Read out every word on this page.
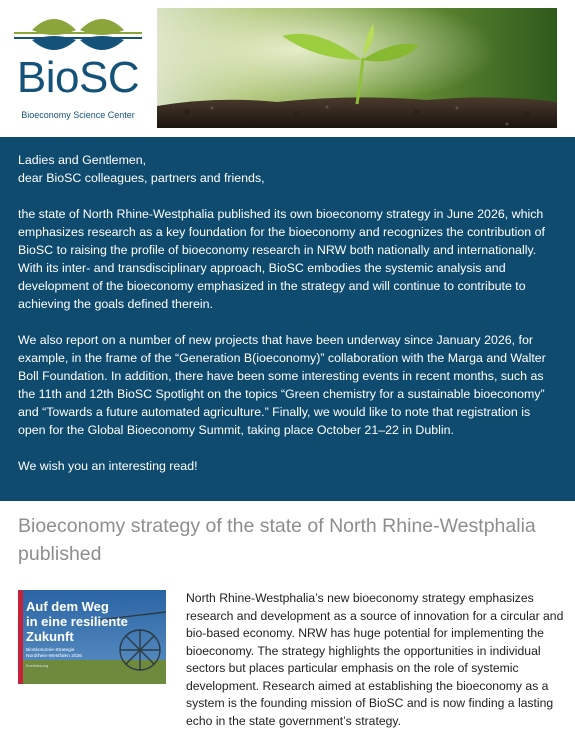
BioSC
Bioeconomy Science Center

Ladies and Gentlemen,

dear BioSC colleagues, partners and friends,

the state of North Rhine-Westphalia published its own bioeconomy strategy in June 2026, which emphasizes research as a key foundation for the bioeconomy and recognizes the contribution of BioSC to raising the profile of bioeconomy research in NRW both nationally and internationally. With its inter- and transdisciplinary approach, BioSC embodies the systemic analysis and development of the bioeconomy emphasized in the strategy and will continue to contribute to achieving the goals defined therein.

We also report on a number of new projects that have been underway since January 2026, for example, in the frame of the “Generation B(ioeconomy)” collaboration with the Marga and Walter Boll Foundation. In addition, there have been some interesting events in recent months, such as the 11th and 12th BioSC Spotlight on the topics “Green chemistry for a sustainable bioeconomy” and “Towards a future automated agriculture.” Finally, we would like to note that registration is open for the Global Bioeconomy Summit, taking place October 21–22 in Dublin.

We wish you an interesting read!

Bioeconomy strategy of the state of North Rhine-Westphalia published
Auf dem Weg
in eine resiliente
Zukunft
Bioökonomie-Strategie Nordrhein-Westfalen 2026
Kurzfassung
North Rhine-Westphalia’s new bioeconomy strategy emphasizes research and development as a source of innovation for a circular and bio-based economy. NRW has huge potential for implementing the bioeconomy. The strategy highlights the opportunities in individual sectors but places particular emphasis on the role of systemic development. Research aimed at establishing the bioeconomy as a system is the founding mission of BioSC and is now finding a lasting echo in the state government’s strategy.
